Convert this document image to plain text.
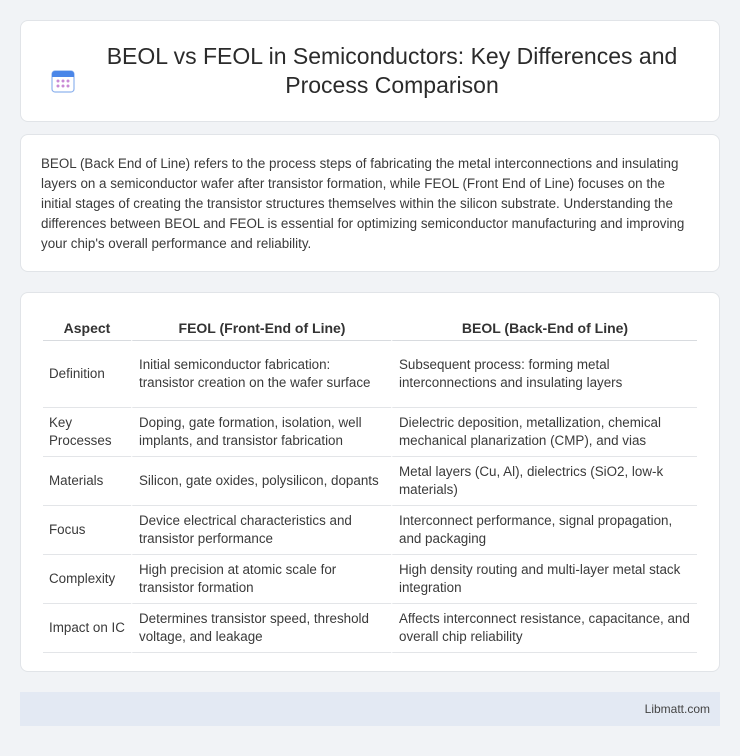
BEOL vs FEOL in Semiconductors: Key Differences and Process Comparison

BEOL (Back End of Line) refers to the process steps of fabricating the metal interconnections and insulating layers on a semiconductor wafer after transistor formation, while FEOL (Front End of Line) focuses on the initial stages of creating the transistor structures themselves within the silicon substrate. Understanding the differences between BEOL and FEOL is essential for optimizing semiconductor manufacturing and improving your chip's overall performance and reliability.

Aspect	FEOL (Front-End of Line)	BEOL (Back-End of Line)
Definition	Initial semiconductor fabrication: transistor creation on the wafer surface	Subsequent process: forming metal interconnections and insulating layers
Key Processes	Doping, gate formation, isolation, well implants, and transistor fabrication	Dielectric deposition, metallization, chemical mechanical planarization (CMP), and vias
Materials	Silicon, gate oxides, polysilicon, dopants	Metal layers (Cu, Al), dielectrics (SiO2, low-k materials)
Focus	Device electrical characteristics and transistor performance	Interconnect performance, signal propagation, and packaging
Complexity	High precision at atomic scale for transistor formation	High density routing and multi-layer metal stack integration
Impact on IC	Determines transistor speed, threshold voltage, and leakage	Affects interconnect resistance, capacitance, and overall chip reliability
Libmatt.com
